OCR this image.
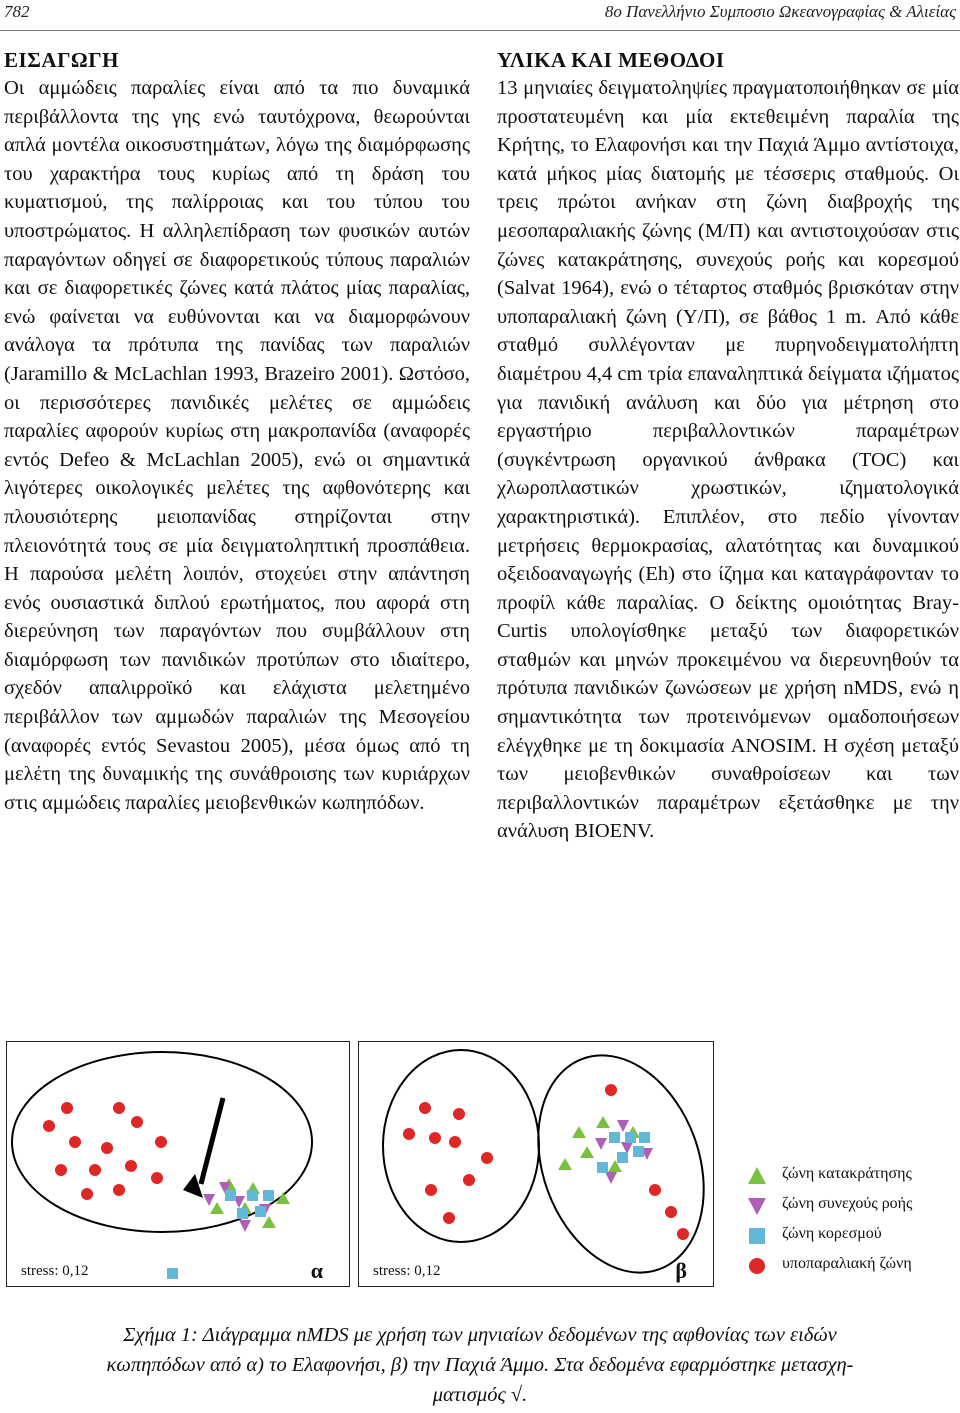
782	8ο Πανελλήνιο Συμποσιο Ωκεανογραφίας & Αλιείας
ΕΙΣΑΓΩΓΗ

Οι αμμώδεις παραλίες είναι από τα πιο δυναμικά περιβάλλοντα της γης ενώ ταυτόχρονα, θεωρούνται απλά μοντέλα οικοσυστημάτων, λόγω της διαμόρφωσης του χαρακτήρα τους κυρίως από τη δράση του κυματισμού, της παλίρροιας και του τύπου του υποστρώματος. Η αλληλεπίδραση των φυσικών αυτών παραγόντων οδηγεί σε διαφορετικούς τύπους παραλιών και σε διαφορετικές ζώνες κατά πλάτος μίας παραλίας, ενώ φαίνεται να ευθύνονται και να διαμορφώνουν ανάλογα τα πρότυπα της πανίδας των παραλιών (Jaramillo & McLachlan 1993, Brazeiro 2001). Ωστόσο, οι περισσότερες πανιδικές μελέτες σε αμμώδεις παραλίες αφορούν κυρίως στη μακροπανίδα (αναφορές εντός Defeo & McLachlan 2005), ενώ οι σημαντικά λιγότερες οικολογικές μελέτες της αφθονότερης και πλουσιότερης μειοπανίδας στηρίζονται στην πλειονότητά τους σε μία δειγματοληπτική προσπάθεια. Η παρούσα μελέτη λοιπόν, στοχεύει στην απάντηση ενός ουσιαστικά διπλού ερωτήματος, που αφορά στη διερεύνηση των παραγόντων που συμβάλλουν στη διαμόρφωση των πανιδικών προτύπων στο ιδιαίτερο, σχεδόν απαλιρροϊκό και ελάχιστα μελετημένο περιβάλλον των αμμωδών παραλιών της Μεσογείου (αναφορές εντός Sevastou 2005), μέσα όμως από τη μελέτη της δυναμικής της συνάθροισης των κυριάρχων στις αμμώδεις παραλίες μειοβενθικών κωπηπόδων.

ΥΛΙΚΑ ΚΑΙ ΜΕΘΟΔΟΙ

13 μηνιαίες δειγματοληψίες πραγματοποιήθηκαν σε μία προστατευμένη και μία εκτεθειμένη παραλία της Κρήτης, το Ελαφονήσι και την Παχιά Άμμο αντίστοιχα, κατά μήκος μίας διατομής με τέσσερις σταθμούς. Οι τρεις πρώτοι ανήκαν στη ζώνη διαβροχής της μεσοπαραλιακής ζώνης (Μ/Π) και αντιστοιχούσαν στις ζώνες κατακράτησης, συνεχούς ροής και κορεσμού (Salvat 1964), ενώ ο τέταρτος σταθμός βρισκόταν στην υποπαραλιακή ζώνη (Υ/Π), σε βάθος 1 m. Από κάθε σταθμό συλλέγονταν με πυρηνοδειγματολήπτη διαμέτρου 4,4 cm τρία επαναληπτικά δείγματα ιζήματος για πανιδική ανάλυση και δύο για μέτρηση στο εργαστήριο περιβαλλοντικών παραμέτρων (συγκέντρωση οργανικού άνθρακα (TOC) και χλωροπλαστικών χρωστικών, ιζηματολογικά χαρακτηριστικά). Επιπλέον, στο πεδίο γίνονταν μετρήσεις θερμοκρασίας, αλατότητας και δυναμικού οξειδοαναγωγής (Eh) στο ίζημα και καταγράφονταν το προφίλ κάθε παραλίας. Ο δείκτης ομοιότητας Bray-Curtis υπολογίσθηκε μεταξύ των διαφορετικών σταθμών και μηνών προκειμένου να διερευνηθούν τα πρότυπα πανιδικών ζωνώσεων με χρήση nMDS, ενώ η σημαντικότητα των προτεινόμενων ομαδοποιήσεων ελέγχθηκε με τη δοκιμασία ANOSIM. Η σχέση μεταξύ των μειοβενθικών συναθροίσεων και των περιβαλλοντικών παραμέτρων εξετάσθηκε με την ανάλυση BIOENV.

stress: 0,12	α	stress: 0,12	β
ζώνη κατακράτησης
ζώνη συνεχούς ροής
ζώνη κορεσμού
υποπαραλιακή ζώνη
Σχήμα 1: Διάγραμμα nMDS με χρήση των μηνιαίων δεδομένων της αφθονίας των ειδών
κωπηπόδων από α) το Ελαφονήσι, β) την Παχιά Άμμο. Στα δεδομένα εφαρμόστηκε μετασχη-
ματισμός √.
